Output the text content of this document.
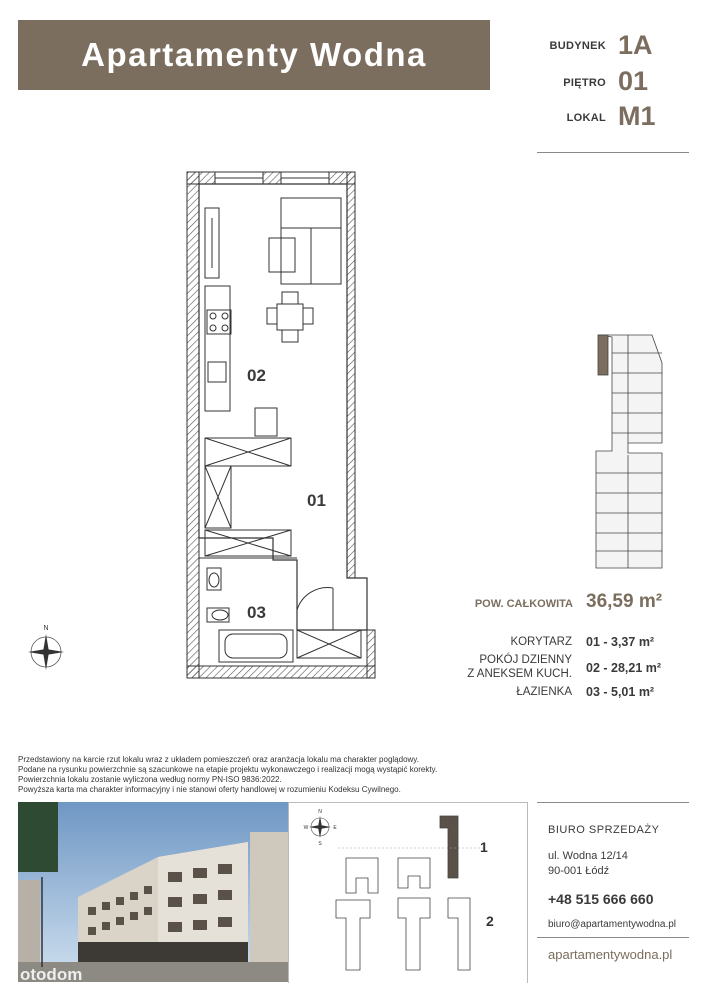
Apartamenty Wodna	BUDYNEK 1A
PIĘTRO 01
LOKAL M1
02
01
03
N
POW. CAŁKOWITA 36,59 m²
KORYTARZ 01 - 3,37 m²
POKÓJ DZIENNY
Z ANEKSEM KUCH. 02 - 28,21 m²
ŁAZIENKA 03 - 5,01 m²
Przedstawiony na karcie rzut lokalu wraz z układem pomieszczeń oraz aranżacja lokalu ma charakter poglądowy.
Podane na rysunku powierzchnie są szacunkowe na etapie projektu wykonawczego i realizacji mogą wystąpić korekty.
Powierzchnia lokalu zostanie wyliczona według normy PN-ISO 9836:2022.
Powyższa karta ma charakter informacyjny i nie stanowi oferty handlowej w rozumieniu Kodeksu Cywilnego.
otodom
N
W	E
S	1
2
BIURO SPRZEDAŻY
ul. Wodna 12/14
90-001 Łódź
+48 515 666 660
biuro@apartamentywodna.pl
apartamentywodna.pl
